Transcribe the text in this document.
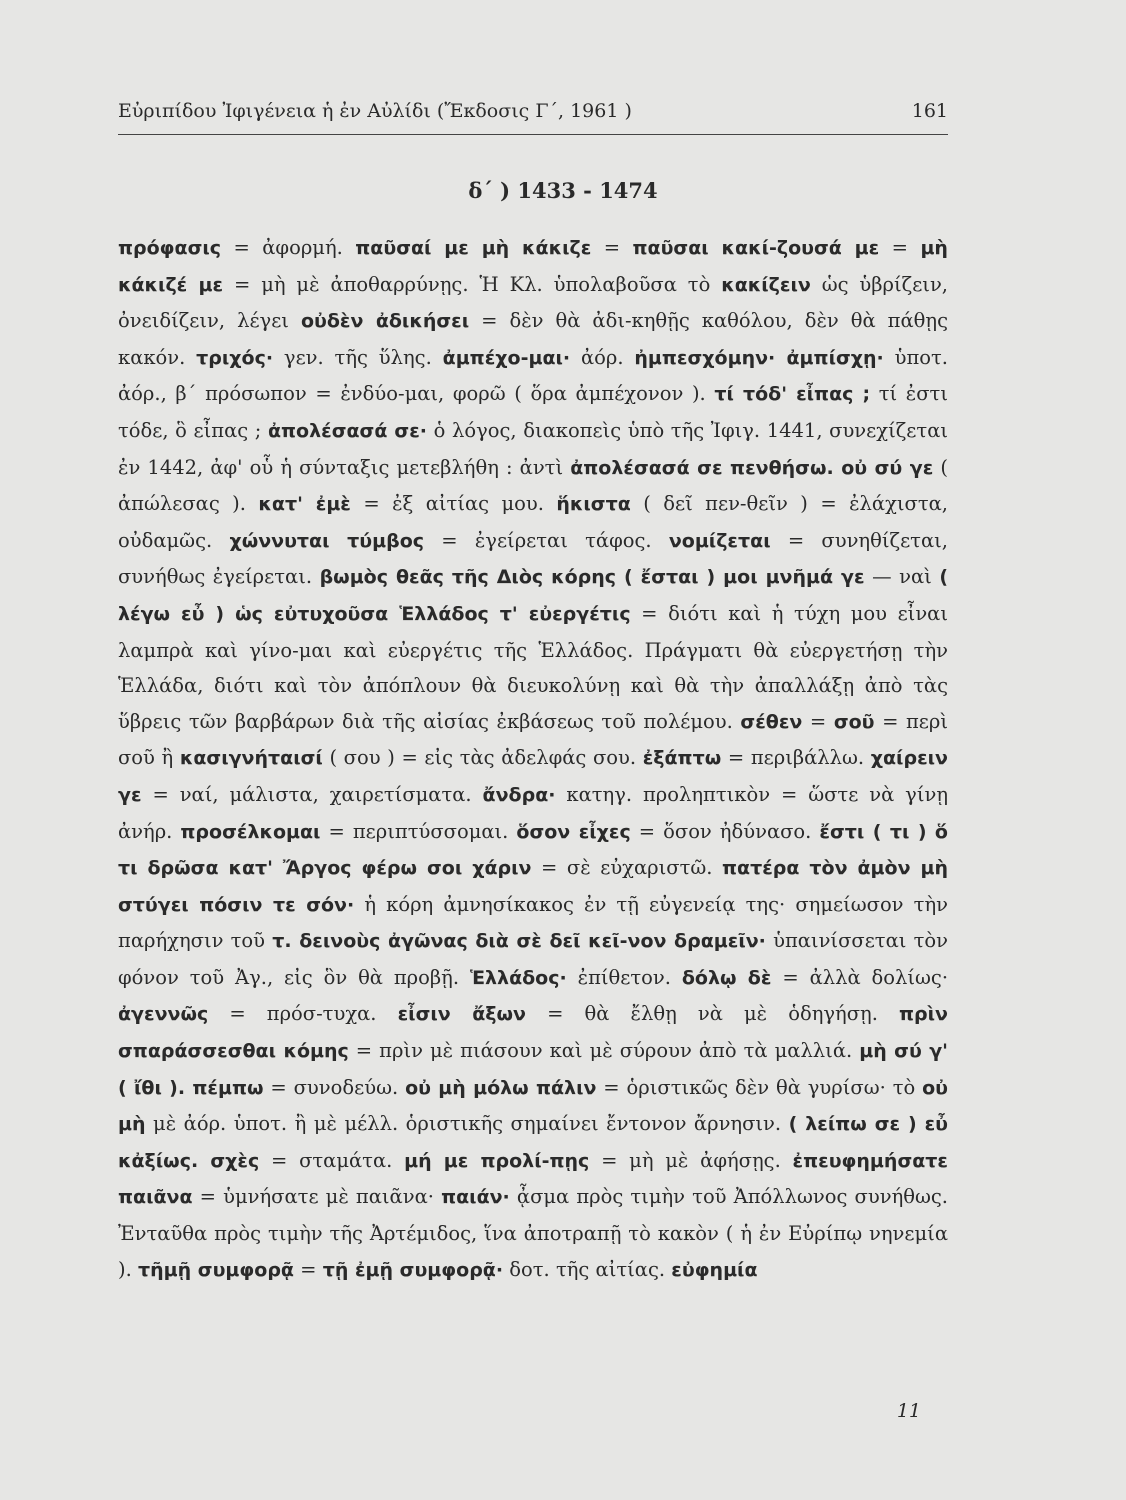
Εὐριπίδου Ἰφιγένεια ἡ ἐν Αὐλίδι (Ἔκδοσις Γ΄, 1961 )	161
δ΄ ) 1433 - 1474

πρόφασις = ἀφορμή. παῦσαί με μὴ κάκιζε = παῦσαι κακί-ζουσά με = μὴ κάκιζέ με = μὴ μὲ ἀποθαρρύνῃς. Ἡ Κλ. ὑπολαβοῦσα τὸ κακίζειν ὡς ὑβρίζειν, ὀνειδίζειν, λέγει οὐδὲν ἀδικήσει = δὲν θὰ ἀδι-κηθῇς καθόλου, δὲν θὰ πάθῃς κακόν. τριχός· γεν. τῆς ὕλης. ἀμπέχο-μαι· ἀόρ. ἠμπεσχόμην· ἀμπίσχῃ· ὑποτ. ἀόρ., β΄ πρόσωπον = ἐνδύο-μαι, φορῶ ( ὅρα ἀμπέχονον ). τί τόδ' εἶπας ; τί ἐστι τόδε, ὃ εἶπας ; ἀπολέσασά σε· ὁ λόγος, διακοπεὶς ὑπὸ τῆς Ἰφιγ. 1441, συνεχίζεται ἐν 1442, ἀφ' οὗ ἡ σύνταξις μετεβλήθη : ἀντὶ ἀπολέσασά σε πενθήσω. οὐ σύ γε ( ἀπώλεσας ). κατ' ἐμὲ = ἐξ αἰτίας μου. ἥκιστα ( δεῖ πεν-θεῖν ) = ἐλάχιστα, οὐδαμῶς. χώννυται τύμβος = ἐγείρεται τάφος. νομίζεται = συνηθίζεται, συνήθως ἐγείρεται. βωμὸς θεᾶς τῆς Διὸς κόρης ( ἔσται ) μοι μνῆμά γε — ναὶ ( λέγω εὖ ) ὡς εὐτυχοῦσα Ἑλλάδος τ' εὐεργέτις = διότι καὶ ἡ τύχη μου εἶναι λαμπρὰ καὶ γίνο-μαι καὶ εὐεργέτις τῆς Ἑλλάδος. Πράγματι θὰ εὐεργετήσῃ τὴν Ἑλλάδα, διότι καὶ τὸν ἀπόπλουν θὰ διευκολύνῃ καὶ θὰ τὴν ἀπαλλάξῃ ἀπὸ τὰς ὕβρεις τῶν βαρβάρων διὰ τῆς αἰσίας ἐκβάσεως τοῦ πολέμου. σέθεν = σοῦ = περὶ σοῦ ἢ κασιγνήταισί ( σου ) = εἰς τὰς ἀδελφάς σου. ἐξάπτω = περιβάλλω. χαίρειν γε = ναί, μάλιστα, χαιρετίσματα. ἄνδρα· κατηγ. προληπτικὸν = ὥστε νὰ γίνῃ ἀνήρ. προσέλκομαι = περιπτύσσομαι. ὅσον εἶχες = ὅσον ἠδύνασο. ἔστι ( τι ) ὅ τι δρῶσα κατ' Ἄργος φέρω σοι χάριν = σὲ εὐχαριστῶ. πατέρα τὸν ἀμὸν μὴ στύγει πόσιν τε σόν· ἡ κόρη ἀμνησίκακος ἐν τῇ εὐγενείᾳ της· σημείωσον τὴν παρήχησιν τοῦ τ. δεινοὺς ἀγῶνας διὰ σὲ δεῖ κεῖ-νον δραμεῖν· ὑπαινίσσεται τὸν φόνον τοῦ Ἀγ., εἰς ὃν θὰ προβῇ. Ἑλλάδος· ἐπίθετον. δόλῳ δὲ = ἀλλὰ δολίως· ἀγεννῶς = πρόσ-τυχα. εἶσιν ἄξων = θὰ ἔλθῃ νὰ μὲ ὁδηγήσῃ. πρὶν σπαράσσεσθαι κόμης = πρὶν μὲ πιάσουν καὶ μὲ σύρουν ἀπὸ τὰ μαλλιά. μὴ σύ γ' ( ἴθι ). πέμπω = συνοδεύω. οὐ μὴ μόλω πάλιν = ὁριστικῶς δὲν θὰ γυρίσω· τὸ οὐ μὴ μὲ ἀόρ. ὑποτ. ἢ μὲ μέλλ. ὁριστικῆς σημαίνει ἔντονον ἄρνησιν. ( λείπω σε ) εὖ κἀξίως. σχὲς = σταμάτα. μή με προλί-πῃς = μὴ μὲ ἀφήσῃς. ἐπευφημήσατε παιᾶνα = ὑμνήσατε μὲ παιᾶνα· παιάν· ᾆσμα πρὸς τιμὴν τοῦ Ἀπόλλωνος συνήθως. Ἐνταῦθα πρὸς τιμὴν τῆς Ἀρτέμιδος, ἵνα ἀποτραπῇ τὸ κακὸν ( ἡ ἐν Εὐρίπῳ νηνεμία ). τῆμῇ συμφορᾷ = τῇ ἐμῇ συμφορᾷ· δοτ. τῆς αἰτίας. εὐφημία

11
